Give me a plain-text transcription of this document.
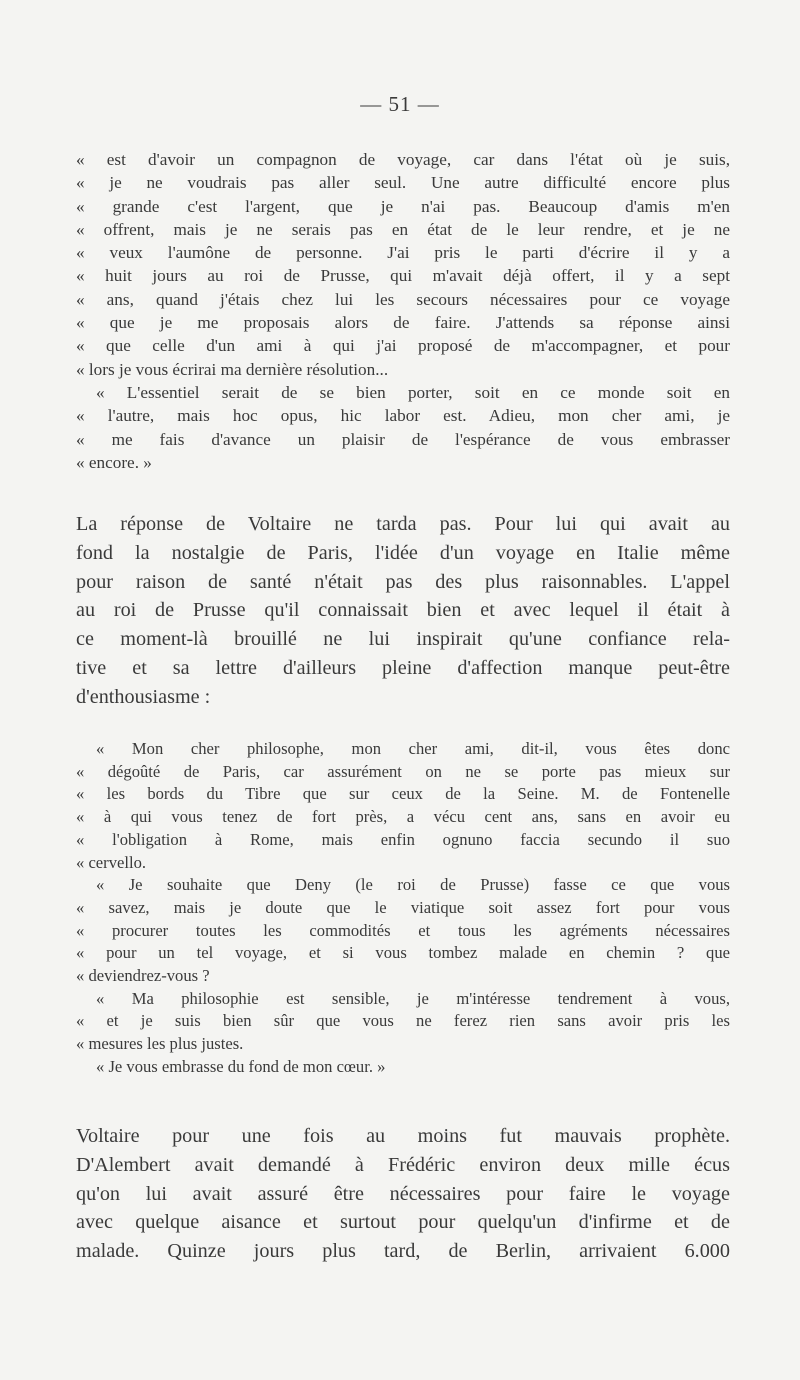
— 51 —
« est d'avoir un compagnon de voyage, car dans l'état où je suis,
« je ne voudrais pas aller seul. Une autre difficulté encore plus
« grande c'est l'argent, que je n'ai pas. Beaucoup d'amis m'en
« offrent, mais je ne serais pas en état de le leur rendre, et je ne
« veux l'aumône de personne. J'ai pris le parti d'écrire il y a
« huit jours au roi de Prusse, qui m'avait déjà offert, il y a sept
« ans, quand j'étais chez lui les secours nécessaires pour ce voyage
« que je me proposais alors de faire. J'attends sa réponse ainsi
« que celle d'un ami à qui j'ai proposé de m'accompagner, et pour
« lors je vous écrirai ma dernière résolution...
« L'essentiel serait de se bien porter, soit en ce monde soit en
« l'autre, mais hoc opus, hic labor est. Adieu, mon cher ami, je
« me fais d'avance un plaisir de l'espérance de vous embrasser
« encore. »
La réponse de Voltaire ne tarda pas. Pour lui qui avait au
fond la nostalgie de Paris, l'idée d'un voyage en Italie même
pour raison de santé n'était pas des plus raisonnables. L'appel
au roi de Prusse qu'il connaissait bien et avec lequel il était à
ce moment-là brouillé ne lui inspirait qu'une confiance rela-
tive et sa lettre d'ailleurs pleine d'affection manque peut-être
d'enthousiasme :
« Mon cher philosophe, mon cher ami, dit-il, vous êtes donc
« dégoûté de Paris, car assurément on ne se porte pas mieux sur
« les bords du Tibre que sur ceux de la Seine. M. de Fontenelle
« à qui vous tenez de fort près, a vécu cent ans, sans en avoir eu
« l'obligation à Rome, mais enfin ognuno faccia secundo il suo
« cervello.
« Je souhaite que Deny (le roi de Prusse) fasse ce que vous
« savez, mais je doute que le viatique soit assez fort pour vous
« procurer toutes les commodités et tous les agréments nécessaires
« pour un tel voyage, et si vous tombez malade en chemin ? que
« deviendrez-vous ?
« Ma philosophie est sensible, je m'intéresse tendrement à vous,
« et je suis bien sûr que vous ne ferez rien sans avoir pris les
« mesures les plus justes.
« Je vous embrasse du fond de mon cœur. »
Voltaire pour une fois au moins fut mauvais prophète.
D'Alembert avait demandé à Frédéric environ deux mille écus
qu'on lui avait assuré être nécessaires pour faire le voyage
avec quelque aisance et surtout pour quelqu'un d'infirme et de
malade. Quinze jours plus tard, de Berlin, arrivaient 6.000
